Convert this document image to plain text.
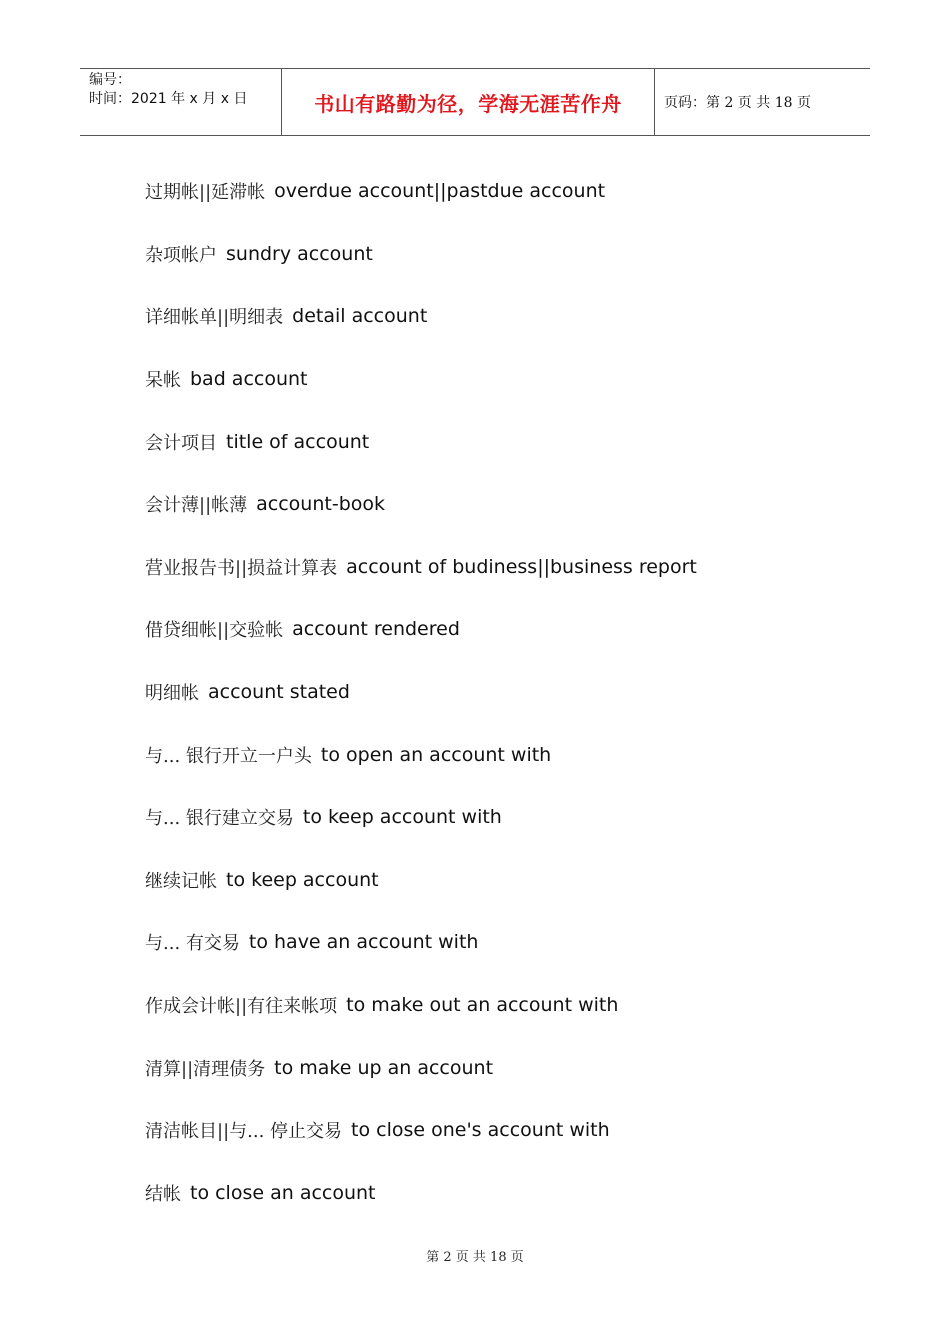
编号：
时间：2021 年 x 月 x 日	书山有路勤为径，学海无涯苦作舟	页码：第 2 页 共 18 页
过期帐||延滞帐 overdue account||pastdue account
杂项帐户 sundry account
详细帐单||明细表 detail account
呆帐 bad account
会计项目 title of account
会计薄||帐薄 account-book
营业报告书||损益计算表 account of budiness||business report
借贷细帐||交验帐 account rendered
明细帐 account stated
与... 银行开立一户头 to open an account with
与... 银行建立交易 to keep account with
继续记帐 to keep account
与... 有交易 to have an account with
作成会计帐||有往来帐项 to make out an account with
清算||清理债务 to make up an account
清洁帐目||与... 停止交易 to close one's account with
结帐 to close an account
第 2 页 共 18 页
